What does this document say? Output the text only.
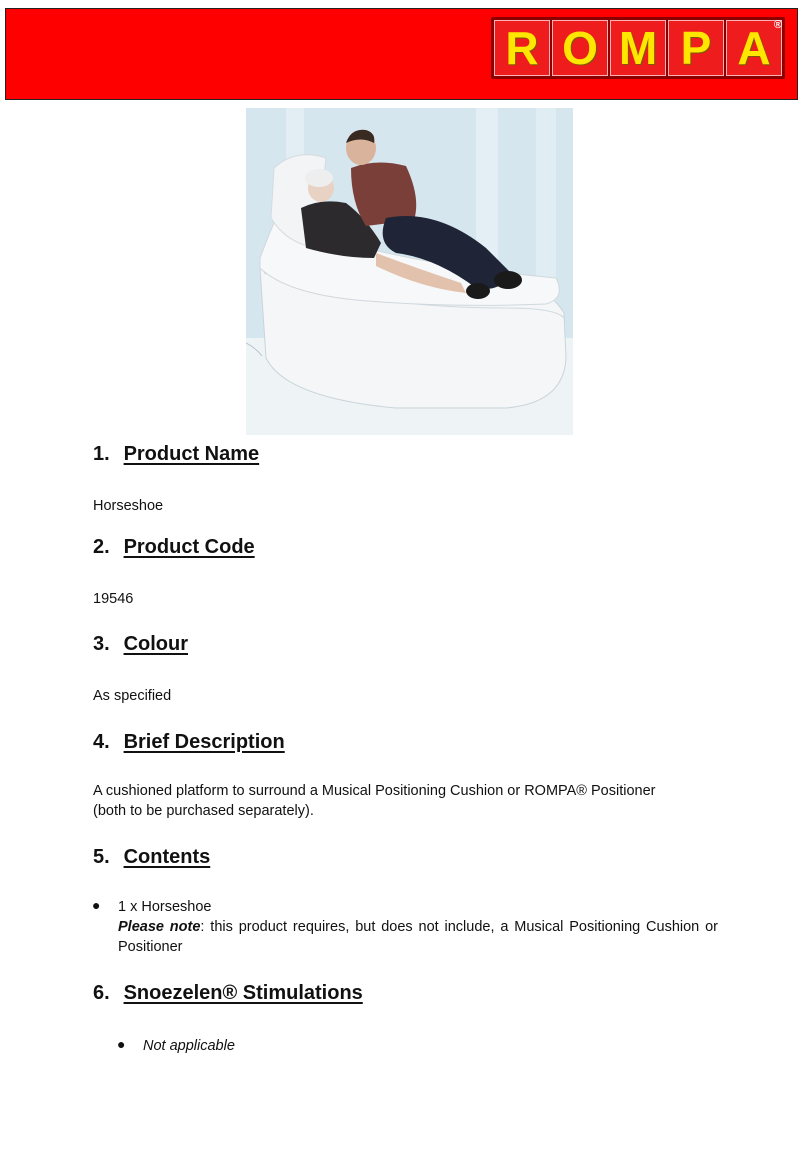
R O M P A ®
1. Product Name

Horseshoe

2. Product Code

19546

3. Colour

As specified

4. Brief Description

A cushioned platform to surround a Musical Positioning Cushion or ROMPA® Positioner

(both to be purchased separately).

5. Contents
● 1 x Horseshoe

Please note: this product requires, but does not include, a Musical Positioning Cushion or Positioner

6. Snoezelen® Stimulations
● Not applicable
